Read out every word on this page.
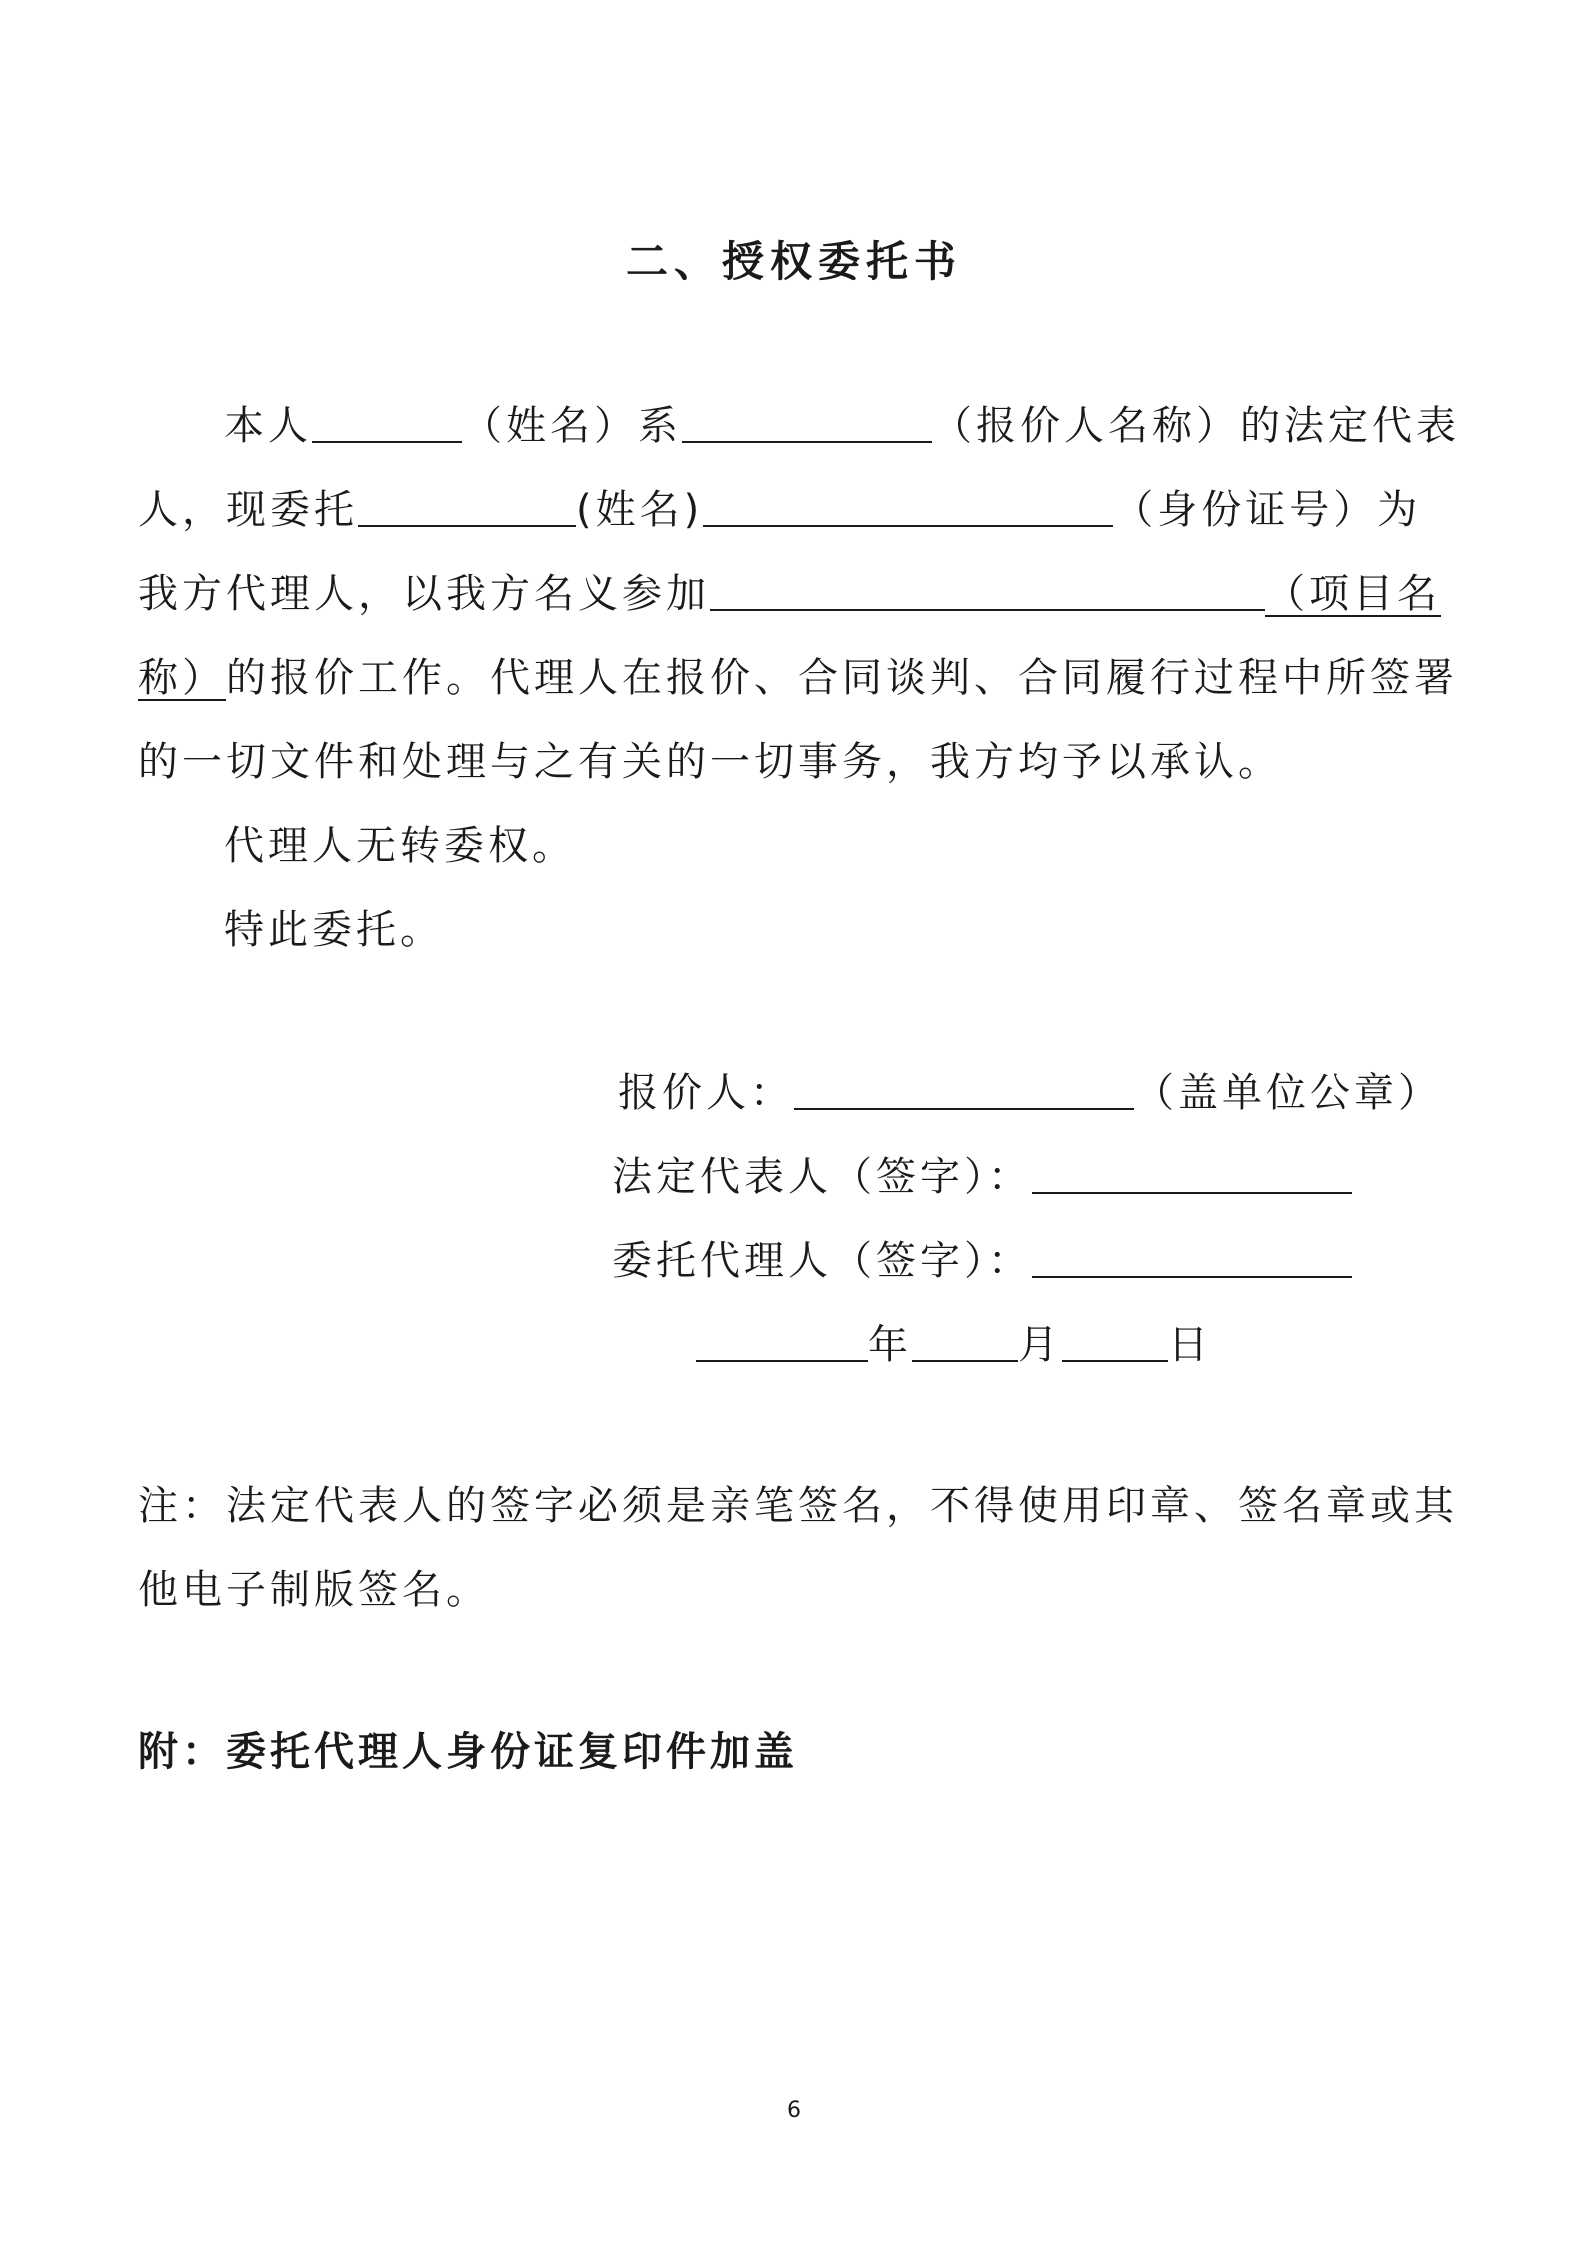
二、授权委托书
本人	（姓名）系	（报价人名称）的法定代表
人，现委托	(姓名)	（身份证号）为
我方代理人，以我方名义参加	（项目名
称）的报价工作。代理人在报价、合同谈判、合同履行过程中所签署
的一切文件和处理与之有关的一切事务，我方均予以承认。
代理人无转委权。
特此委托。
报价人：	（盖单位公章）
法定代表人（签字）：
委托代理人（签字）：
年	月	日
注：法定代表人的签字必须是亲笔签名，不得使用印章、签名章或其
他电子制版签名。
附：委托代理人身份证复印件加盖
6
